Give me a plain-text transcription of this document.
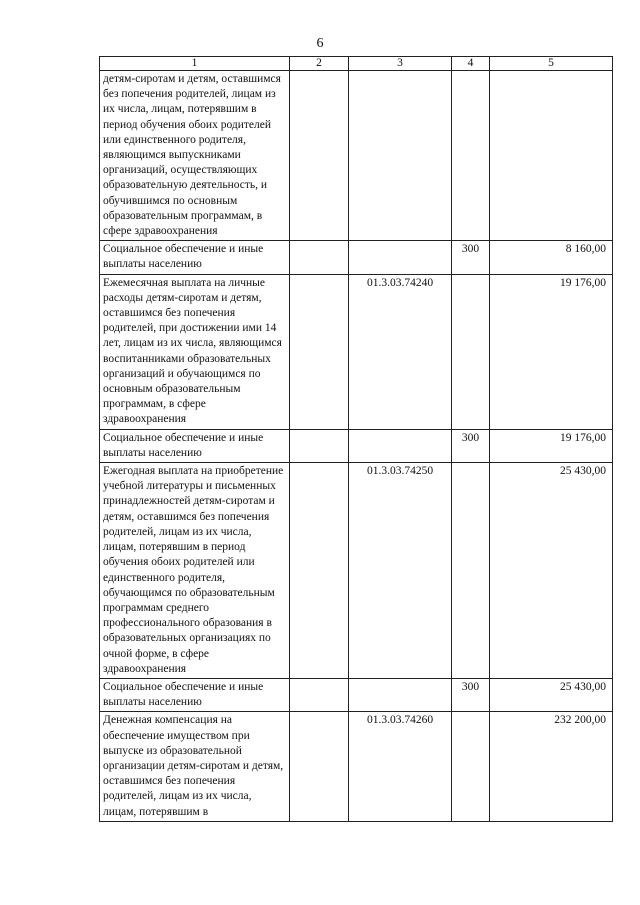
6
1	2	3	4	5
детям-сиротам и детям, оставшимся без попечения родителей, лицам из их числа, лицам, потерявшим в период обучения обоих родителей или единственного родителя, являющимся выпускниками организаций, осуществляющих образовательную деятельность, и обучившимся по основным образовательным программам, в сфере здравоохранения				
Социальное обеспечение и иные выплаты населению			300	8 160,00
Ежемесячная выплата на личные расходы детям-сиротам и детям, оставшимся без попечения родителей, при достижении ими 14 лет, лицам из их числа, являющимся воспитанниками образовательных организаций и обучающимся по основным образовательным программам, в сфере здравоохранения		01.3.03.74240		19 176,00
Социальное обеспечение и иные выплаты населению			300	19 176,00
Ежегодная выплата на приобретение учебной литературы и письменных принадлежностей детям-сиротам и детям, оставшимся без попечения родителей, лицам из их числа, лицам, потерявшим в период обучения обоих родителей или единственного родителя, обучающимся по образовательным программам среднего профессионального образования в образовательных организациях по очной форме, в сфере здравоохранения		01.3.03.74250		25 430,00
Социальное обеспечение и иные выплаты населению			300	25 430,00
Денежная компенсация на обеспечение имуществом при выпуске из образовательной организации детям-сиротам и детям, оставшимся без попечения родителей, лицам из их числа, лицам, потерявшим в		01.3.03.74260		232 200,00
